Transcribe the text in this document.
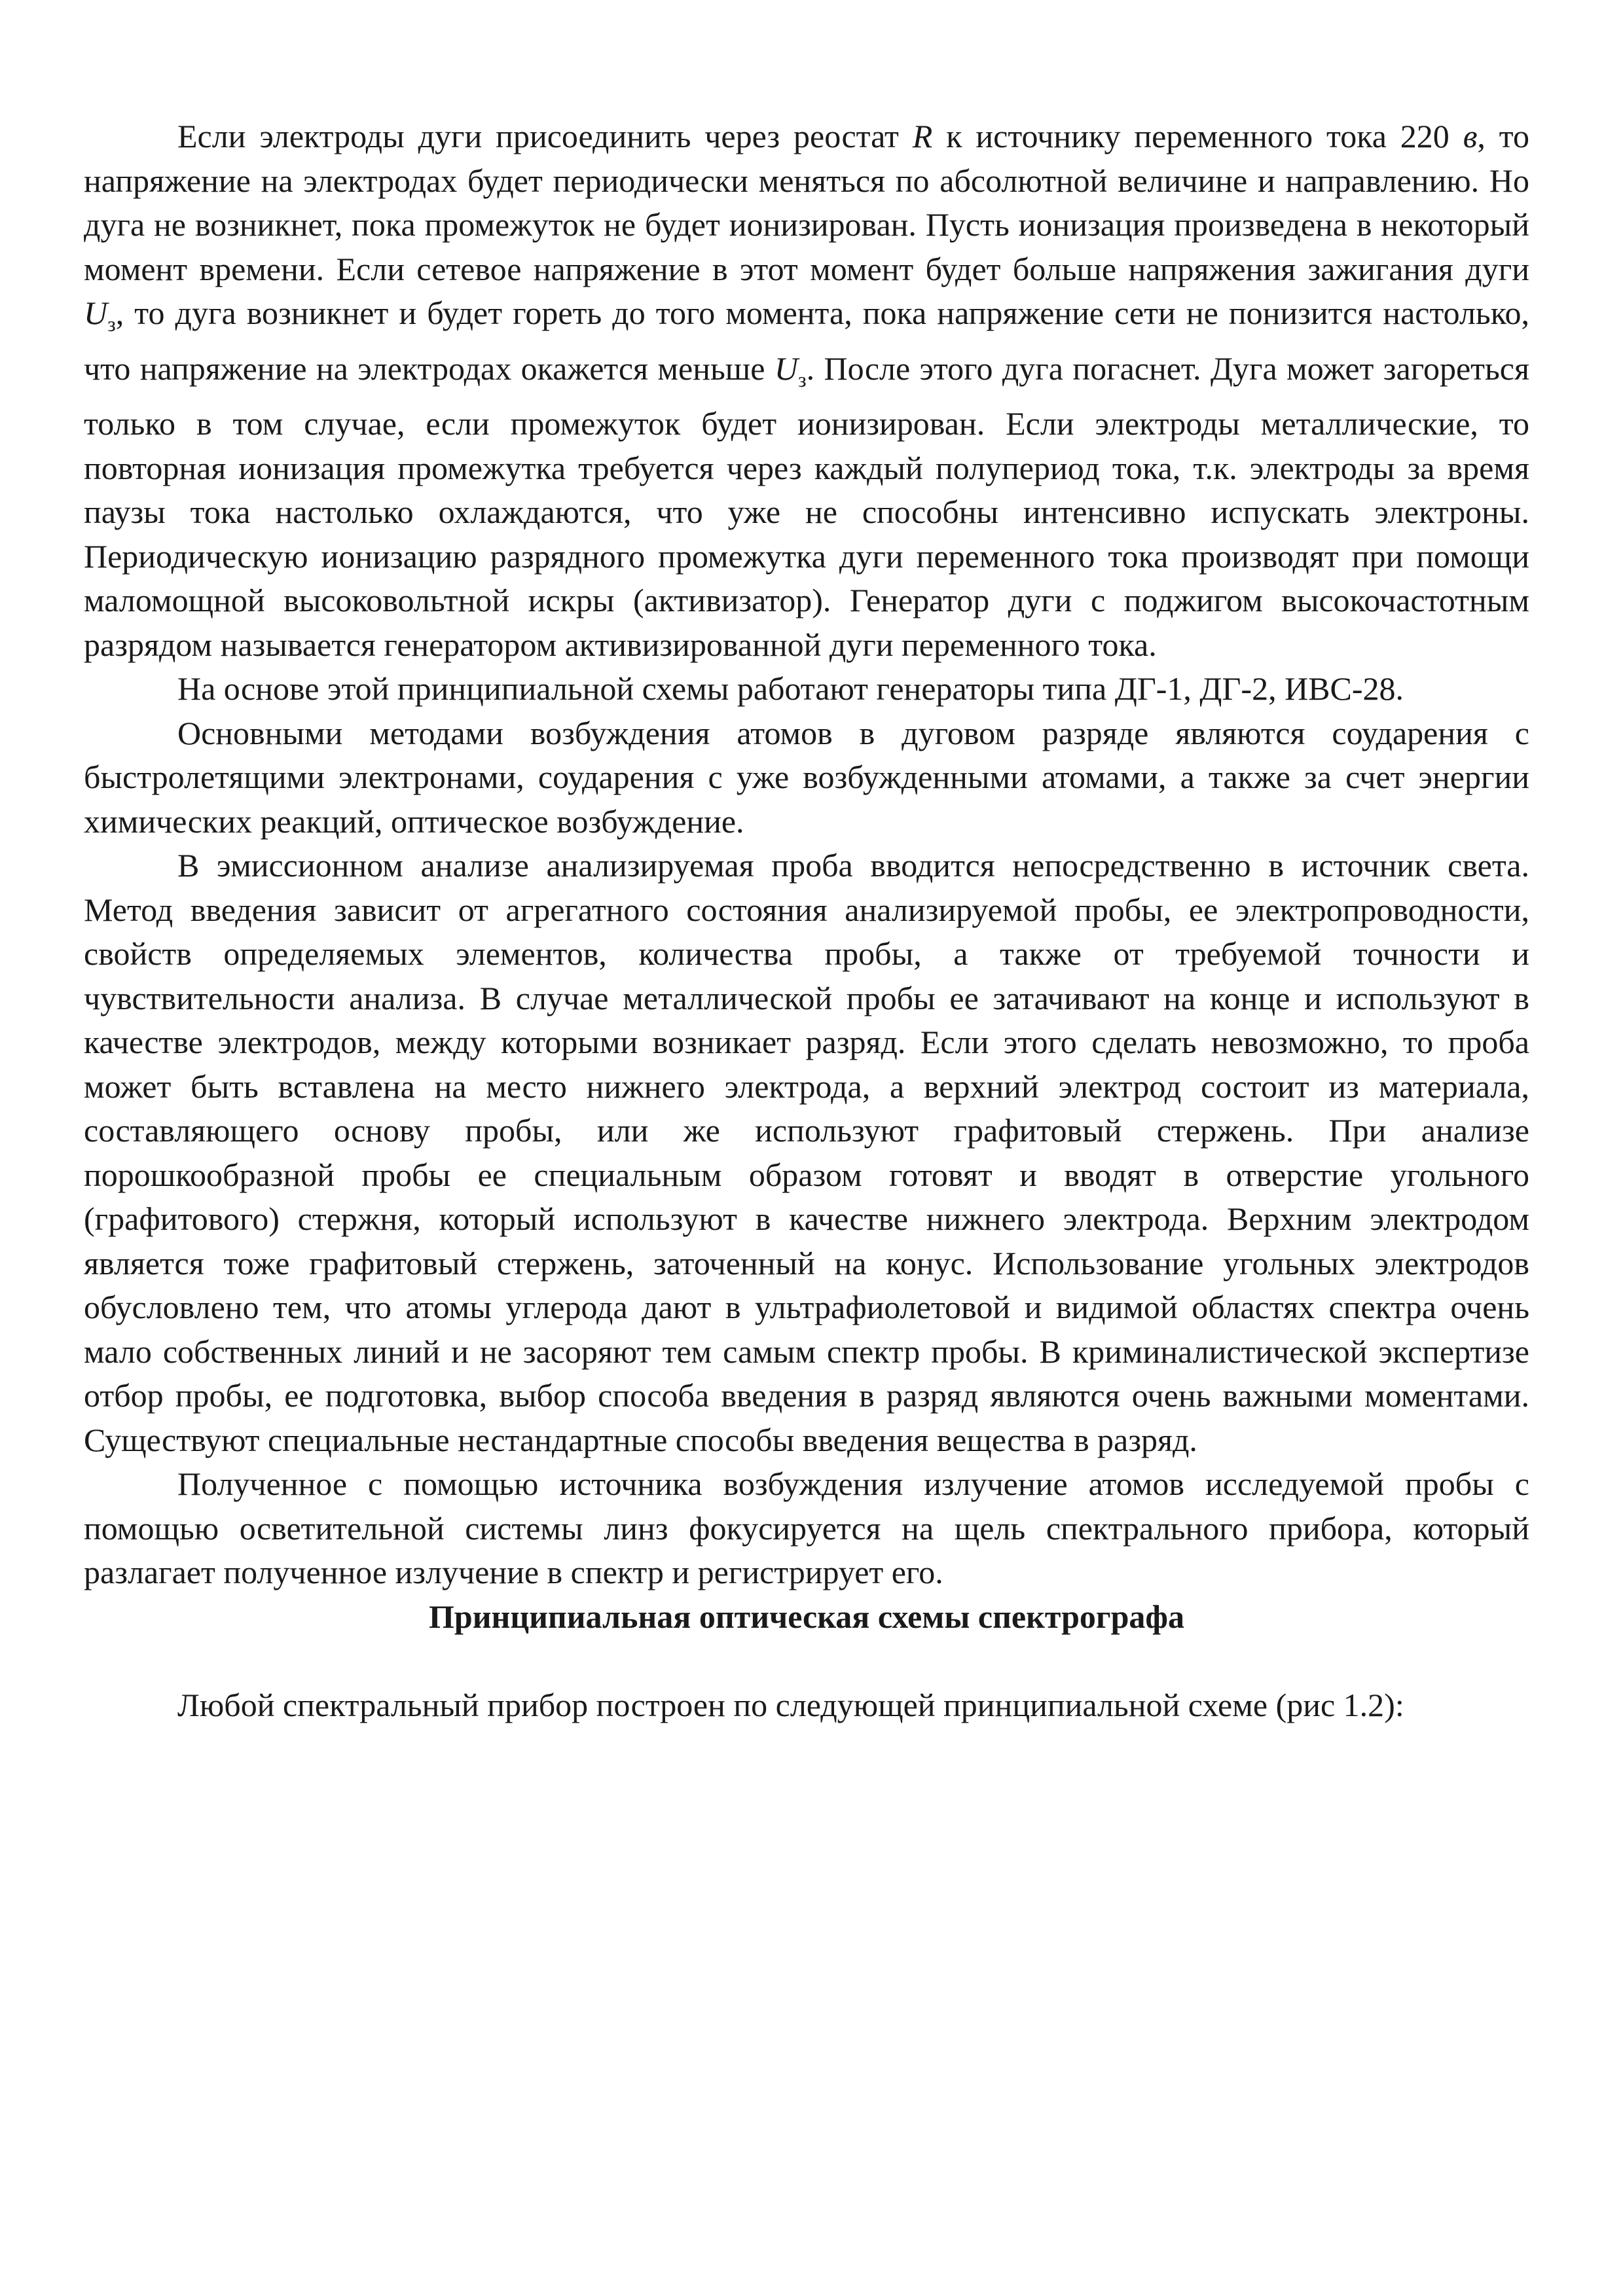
Если электроды дуги присоединить через реостат R к источнику переменного тока 220 в, то напряжение на электродах будет периодически меняться по абсолютной величине и направлению. Но дуга не возникнет, пока промежуток не будет ионизирован. Пусть ионизация произведена в некоторый момент времени. Если сетевое напряжение в этот момент будет больше напряжения зажигания дуги $U_з$, то дуга возникнет и будет гореть до того момента, пока напряжение сети не понизится настолько, что напряжение на электродах окажется меньше $U_з$. После этого дуга погаснет. Дуга может загореться только в том случае, если промежуток будет ионизирован. Если электроды металлические, то повторная ионизация промежутка требуется через каждый полупериод тока, т.к. электроды за время паузы тока настолько охлаждаются, что уже не способны интенсивно испускать электроны. Периодическую ионизацию разрядного промежутка дуги переменного тока производят при помощи маломощной высоковольтной искры (активизатор). Генератор дуги с поджигом высокочастотным разрядом называется генератором активизированной дуги переменного тока.

На основе этой принципиальной схемы работают генераторы типа ДГ-1, ДГ-2, ИВС-28.

Основными методами возбуждения атомов в дуговом разряде являются соударения с быстролетящими электронами, соударения с уже возбужденными атомами, а также за счет энергии химических реакций, оптическое возбуждение.

В эмиссионном анализе анализируемая проба вводится непосредственно в источник света. Метод введения зависит от агрегатного состояния анализируемой пробы, ее электропроводности, свойств определяемых элементов, количества пробы, а также от требуемой точности и чувствительности анализа. В случае металлической пробы ее затачивают на конце и используют в качестве электродов, между которыми возникает разряд. Если этого сделать невозможно, то проба может быть вставлена на место нижнего электрода, а верхний электрод состоит из материала, составляющего основу пробы, или же используют графитовый стержень. При анализе порошкообразной пробы ее специальным образом готовят и вводят в отверстие угольного (графитового) стержня, который используют в качестве нижнего электрода. Верхним электродом является тоже графитовый стержень, заточенный на конус. Использование угольных электродов обусловлено тем, что атомы углерода дают в ультрафиолетовой и видимой областях спектра очень мало собственных линий и не засоряют тем самым спектр пробы. В криминалистической экспертизе отбор пробы, ее подготовка, выбор способа введения в разряд являются очень важными моментами. Существуют специальные нестандартные способы введения вещества в разряд.

Полученное с помощью источника возбуждения излучение атомов исследуемой пробы с помощью осветительной системы линз фокусируется на щель спектрального прибора, который разлагает полученное излучение в спектр и регистрирует его.

Принципиальная оптическая схемы спектрографа

Любой спектральный прибор построен по следующей принципиальной схеме (рис 1.2):
